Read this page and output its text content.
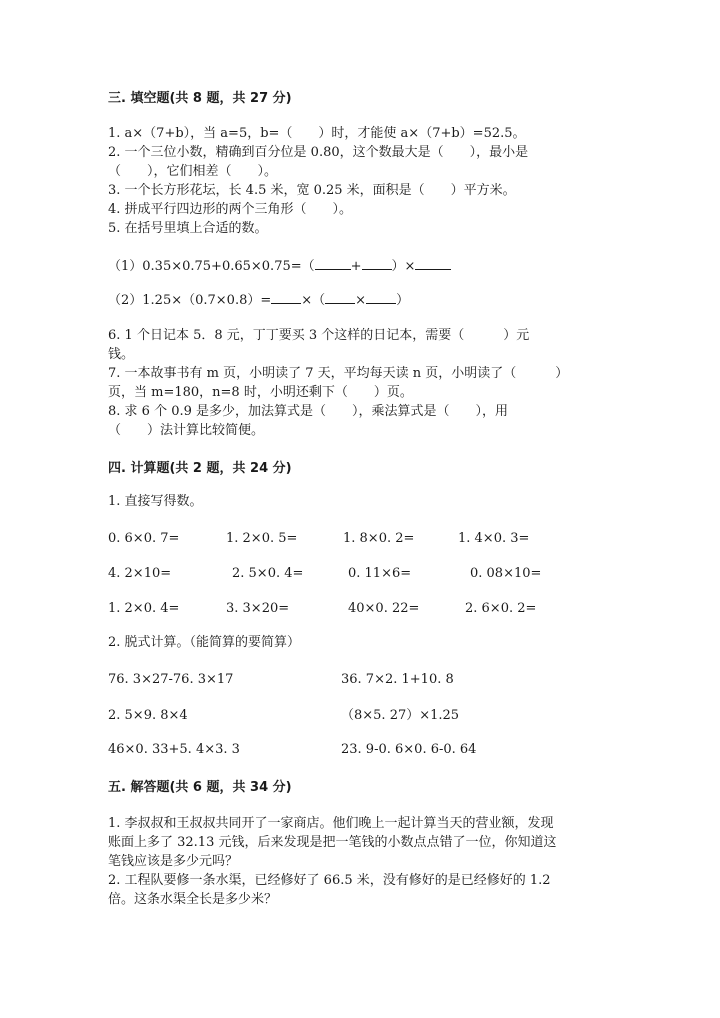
三. 填空题(共 8 题，共 27 分)
1. a×（7+b），当 a=5，b=（　　）时，才能使 a×（7+b）=52.5。
2. 一个三位小数，精确到百分位是 0.80，这个数最大是（　　），最小是
（　　），它们相差（　　）。
3. 一个长方形花坛，长 4.5 米，宽 0.25 米，面积是（　　）平方米。
4. 拼成平行四边形的两个三角形（　　）。
5. 在括号里填上合适的数。
（1）0.35×0.75+0.65×0.75=（	+ ）×
（2）1.25×（0.7×0.8）= ×（ × ）
6. 1 个日记本 5．8 元，丁丁要买 3 个这样的日记本，需要（　　　）元
钱。
7. 一本故事书有 m 页，小明读了 7 天，平均每天读 n 页，小明读了（　　　）
页，当 m=180，n=8 时，小明还剩下（　　）页。
8. 求 6 个 0.9 是多少，加法算式是（　　），乘法算式是（　　），用
（　　）法计算比较简便。
四. 计算题(共 2 题，共 24 分)
1. 直接写得数。
0. 6×0. 7=	1. 2×0. 5=	1. 8×0. 2=	1. 4×0. 3=
4. 2×10=	2. 5×0. 4=	0. 11×6=	0. 08×10=
1. 2×0. 4=	3. 3×20=	40×0. 22=	2. 6×0. 2=
2. 脱式计算。（能简算的要简算）
76. 3×27-76. 3×17	36. 7×2. 1+10. 8
2. 5×9. 8×4	（8×5. 27）×1.25
46×0. 33+5. 4×3. 3	23. 9-0. 6×0. 6-0. 64
五. 解答题(共 6 题，共 34 分)
1. 李叔叔和王叔叔共同开了一家商店。他们晚上一起计算当天的营业额，发现
账面上多了 32.13 元钱，后来发现是把一笔钱的小数点点错了一位，你知道这
笔钱应该是多少元吗？
2. 工程队要修一条水渠，已经修好了 66.5 米，没有修好的是已经修好的 1.2
倍。这条水渠全长是多少米？
